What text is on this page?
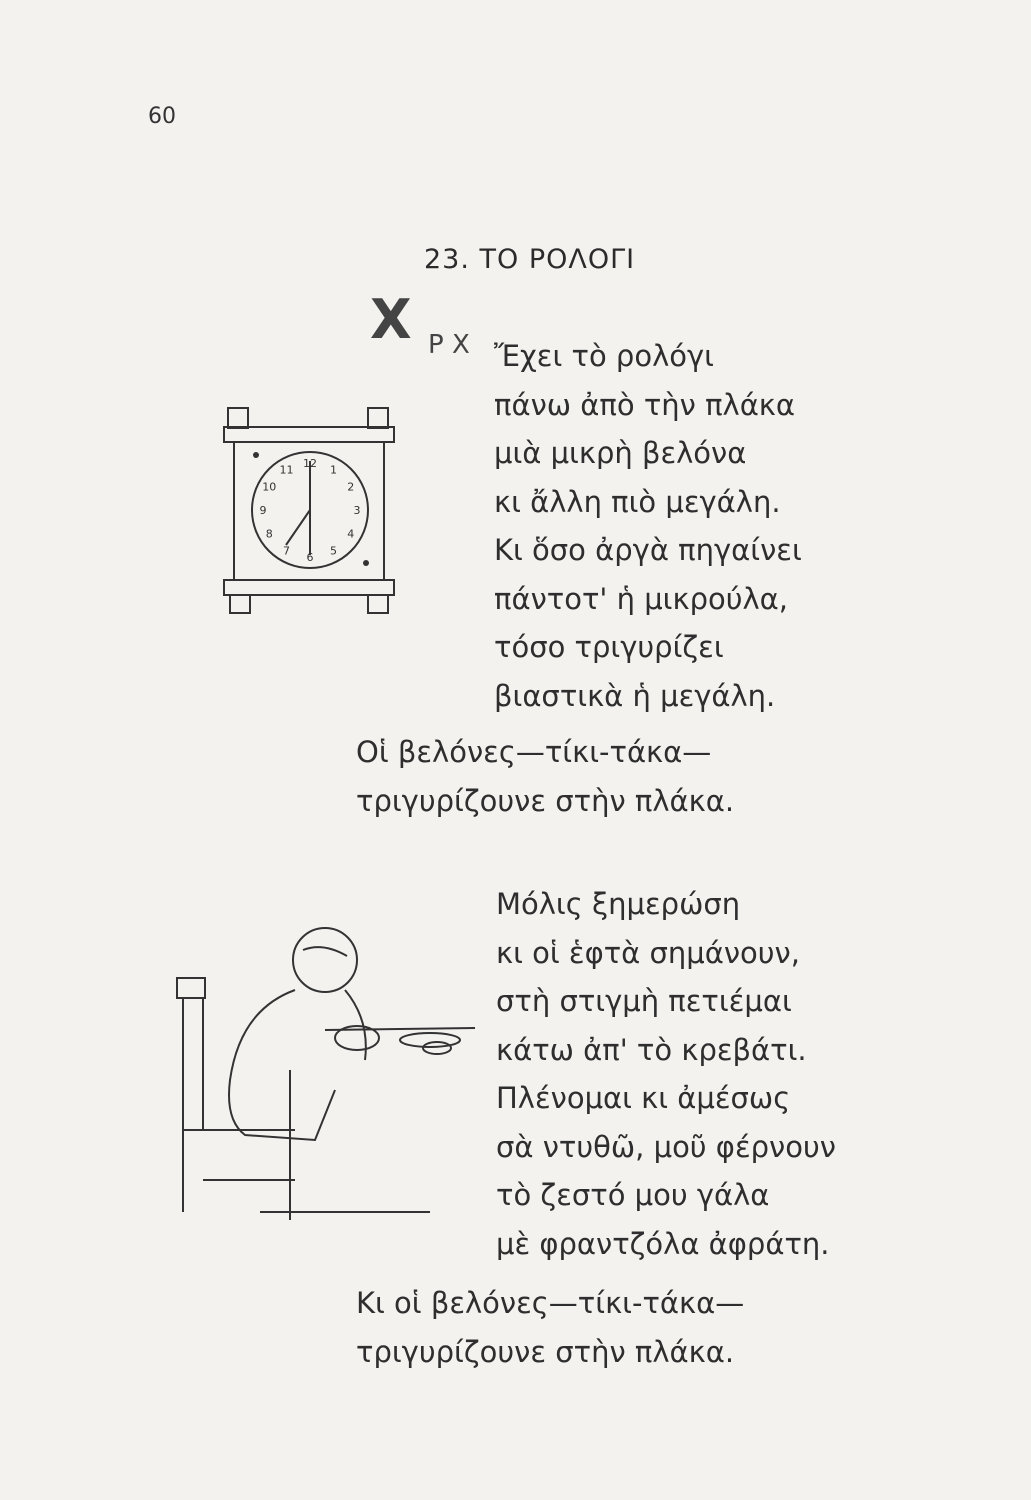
60
23. ΤΟ ΡΟΛΟΓΙ
X Ρ Χ
12 1
2
3
4
5
6
7
8
9
10
11
Ἔχει τὸ ρολόγι
πάνω ἀπὸ τὴν πλάκα
μιὰ μικρὴ βελόνα
κι ἄλλη πιὸ μεγάλη.
Κι ὅσο ἀργὰ πηγαίνει
πάντοτ' ἡ μικρούλα,
τόσο τριγυρίζει
βιαστικὰ ἡ μεγάλη.
Οἱ βελόνες—τίκι-τάκα—
τριγυρίζουνε στὴν πλάκα.
Μόλις ξημερώση
κι οἱ ἑφτὰ σημάνουν,
στὴ στιγμὴ πετιέμαι
κάτω ἀπ' τὸ κρεβάτι.
Πλένομαι κι ἀμέσως
σὰ ντυθῶ, μοῦ φέρνουν
τὸ ζεστό μου γάλα
μὲ φραντζόλα ἀφράτη.
Κι οἱ βελόνες—τίκι-τάκα—
τριγυρίζουνε στὴν πλάκα.
